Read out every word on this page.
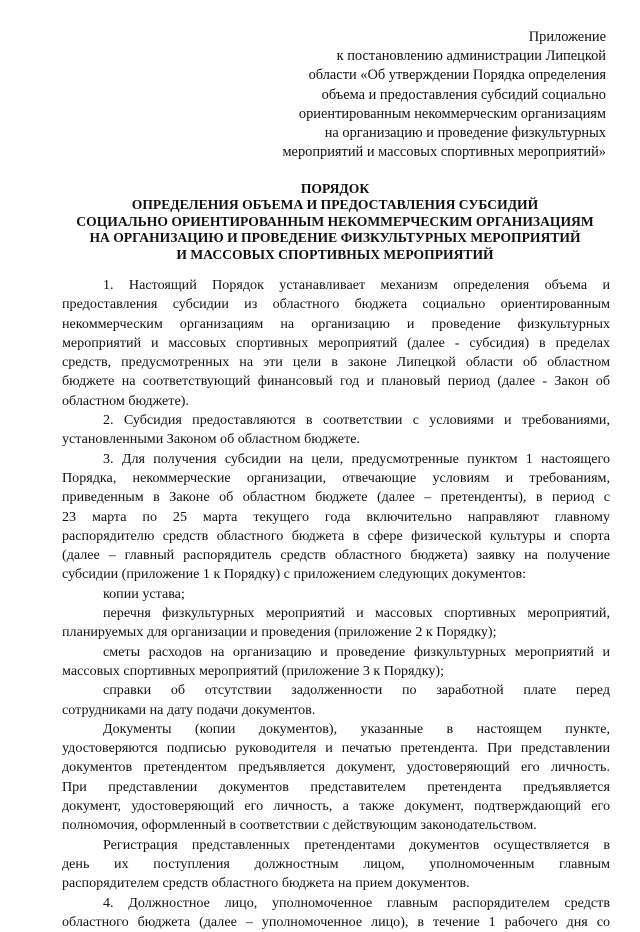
Приложение
к постановлению администрации Липецкой
области «Об утверждении Порядка определения
объема и предоставления субсидий социально
ориентированным некоммерческим организациям
на организацию и проведение физкультурных
мероприятий и массовых спортивных мероприятий»
ПОРЯДОК
ОПРЕДЕЛЕНИЯ ОБЪЕМА И ПРЕДОСТАВЛЕНИЯ СУБСИДИЙ
СОЦИАЛЬНО ОРИЕНТИРОВАННЫМ НЕКОММЕРЧЕСКИМ ОРГАНИЗАЦИЯМ
НА ОРГАНИЗАЦИЮ И ПРОВЕДЕНИЕ ФИЗКУЛЬТУРНЫХ МЕРОПРИЯТИЙ
И МАССОВЫХ СПОРТИВНЫХ МЕРОПРИЯТИЙ
1. Настоящий Порядок устанавливает механизм определения объема и
предоставления субсидии из областного бюджета социально ориентированным
некоммерческим организациям на организацию и проведение физкультурных
мероприятий и массовых спортивных мероприятий (далее - субсидия) в пределах
средств, предусмотренных на эти цели в законе Липецкой области об областном
бюджете на соответствующий финансовый год и плановый период (далее - Закон об
областном бюджете).
2. Субсидия предоставляются в соответствии с условиями и требованиями,
установленными Законом об областном бюджете.
3. Для получения субсидии на цели, предусмотренные пунктом 1 настоящего
Порядка, некоммерческие организации, отвечающие условиям и требованиям,
приведенным в Законе об областном бюджете (далее – претенденты), в период с
23 марта по 25 марта текущего года включительно направляют главному
распорядителю средств областного бюджета в сфере физической культуры и спорта
(далее – главный распорядитель средств областного бюджета) заявку на получение
субсидии (приложение 1 к Порядку) с приложением следующих документов:
копии устава;
перечня физкультурных мероприятий и массовых спортивных мероприятий,
планируемых для организации и проведения (приложение 2 к Порядку);
сметы расходов на организацию и проведение физкультурных мероприятий и
массовых спортивных мероприятий (приложение 3 к Порядку);
справки об отсутствии задолженности по заработной плате перед
сотрудниками на дату подачи документов.
Документы (копии документов), указанные в настоящем пункте,
удостоверяются подписью руководителя и печатью претендента. При представлении
документов претендентом предъявляется документ, удостоверяющий его личность.
При представлении документов представителем претендента предъявляется
документ, удостоверяющий его личность, а также документ, подтверждающий его
полномочия, оформленный в соответствии с действующим законодательством.
Регистрация представленных претендентами документов осуществляется в
день их поступления должностным лицом, уполномоченным главным
распорядителем средств областного бюджета на прием документов.
4. Должностное лицо, уполномоченное главным распорядителем средств
областного бюджета (далее – уполномоченное лицо), в течение 1 рабочего дня со
